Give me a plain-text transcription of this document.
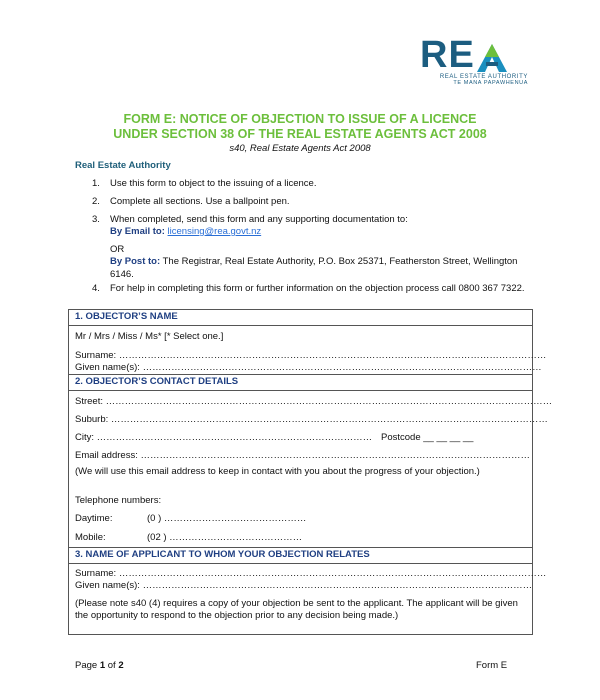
RE
REAL ESTATE AUTHORITY
TE MANA PAPAWHENUA
FORM E: NOTICE OF OBJECTION TO ISSUE OF A LICENCE
UNDER SECTION 38 OF THE REAL ESTATE AGENTS ACT 2008
s40, Real Estate Agents Act 2008
Real Estate Authority
1. Use this form to object to the issuing of a licence.
2. Complete all sections. Use a ballpoint pen.
3. When completed, send this form and any supporting documentation to:
By Email to: licensing@rea.govt.nz
OR
By Post to: The Registrar, Real Estate Authority, P.O. Box 25371, Featherston Street, Wellington 6146.
4. For help in completing this form or further information on the objection process call 0800 367 7322.
1. OBJECTOR’S NAME
Mr / Mrs / Miss / Ms* [* Select one.]
Surname: ………………………………………………………………………………………………………………………
Given name(s): ………………………………………………………………………………………………………………
2. OBJECTOR’S CONTACT DETAILS
Street: ……………………………………………………………………………………………………………………………
Suburb: …………………………………………………………………………………………………………………………
City: …………………………………………………………………………… Postcode __ __ __ __
Email address: ……………………………………………………………………………………………………………
(We will use this email address to keep in contact with you about the progress of your objection.)
Telephone numbers:
Daytime:	(0 ) ………………………………………
Mobile:	(02 ) ……………………………………
3. NAME OF APPLICANT TO WHOM YOUR OBJECTION RELATES
Surname: ………………………………………………………………………………………………………………………
Given name(s): ……………………………………………………………………………………………………………
(Please note s40 (4) requires a copy of your objection be sent to the applicant. The applicant will be given the opportunity to respond to the objection prior to any decision being made.)
Page 1 of 2	Form E
